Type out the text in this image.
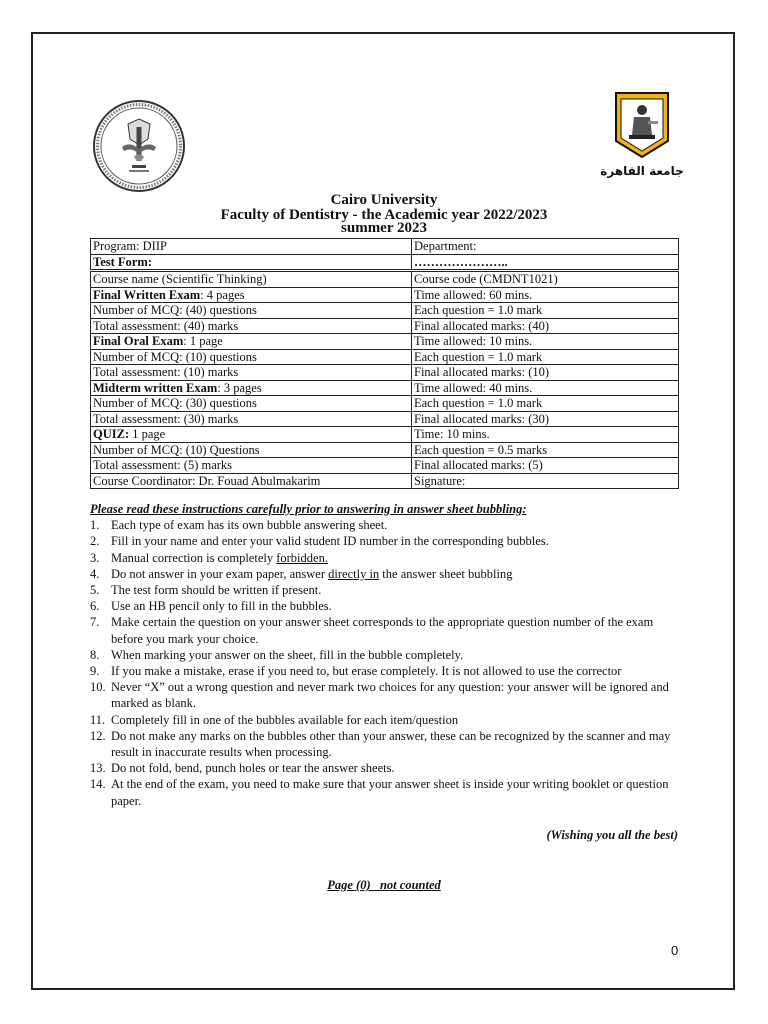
جامعة القاهرة
Cairo University
Faculty of Dentistry - the Academic year 2022/2023
summer 2023
Program: DIIP	Department:
Test Form:	…………………..
Course name (Scientific Thinking)	Course code (CMDNT1021)
Final Written Exam: 4 pages	Time allowed: 60 mins.
Number of MCQ: (40) questions	Each question = 1.0 mark
Total assessment: (40) marks	Final allocated marks: (40)
Final Oral Exam: 1 page	Time allowed: 10 mins.
Number of MCQ: (10) questions	Each question = 1.0 mark
Total assessment: (10) marks	Final allocated marks: (10)
Midterm written Exam: 3 pages	Time allowed: 40 mins.
Number of MCQ: (30) questions	Each question = 1.0 mark
Total assessment: (30) marks	Final allocated marks: (30)
QUIZ: 1 page	Time: 10 mins.
Number of MCQ: (10) Questions	Each question = 0.5 marks
Total assessment: (5) marks	Final allocated marks: (5)
Course Coordinator: Dr. Fouad Abulmakarim	Signature:
Please read these instructions carefully prior to answering in answer sheet bubbling:
1. Each type of exam has its own bubble answering sheet.
2. Fill in your name and enter your valid student ID number in the corresponding bubbles.
3. Manual correction is completely forbidden.
4. Do not answer in your exam paper, answer directly in the answer sheet bubbling
5. The test form should be written if present.
6. Use an HB pencil only to fill in the bubbles.
7. Make certain the question on your answer sheet corresponds to the appropriate question number of the exam before you mark your choice.
8. When marking your answer on the sheet, fill in the bubble completely.
9. If you make a mistake, erase if you need to, but erase completely. It is not allowed to use the corrector
10. Never “X” out a wrong question and never mark two choices for any question: your answer will be ignored and marked as blank.
11. Completely fill in one of the bubbles available for each item/question
12. Do not make any marks on the bubbles other than your answer, these can be recognized by the scanner and may result in inaccurate results when processing.
13. Do not fold, bend, punch holes or tear the answer sheets.
14. At the end of the exam, you need to make sure that your answer sheet is inside your writing booklet or question paper.
(Wishing you all the best)
Page (0)   not counted
0
